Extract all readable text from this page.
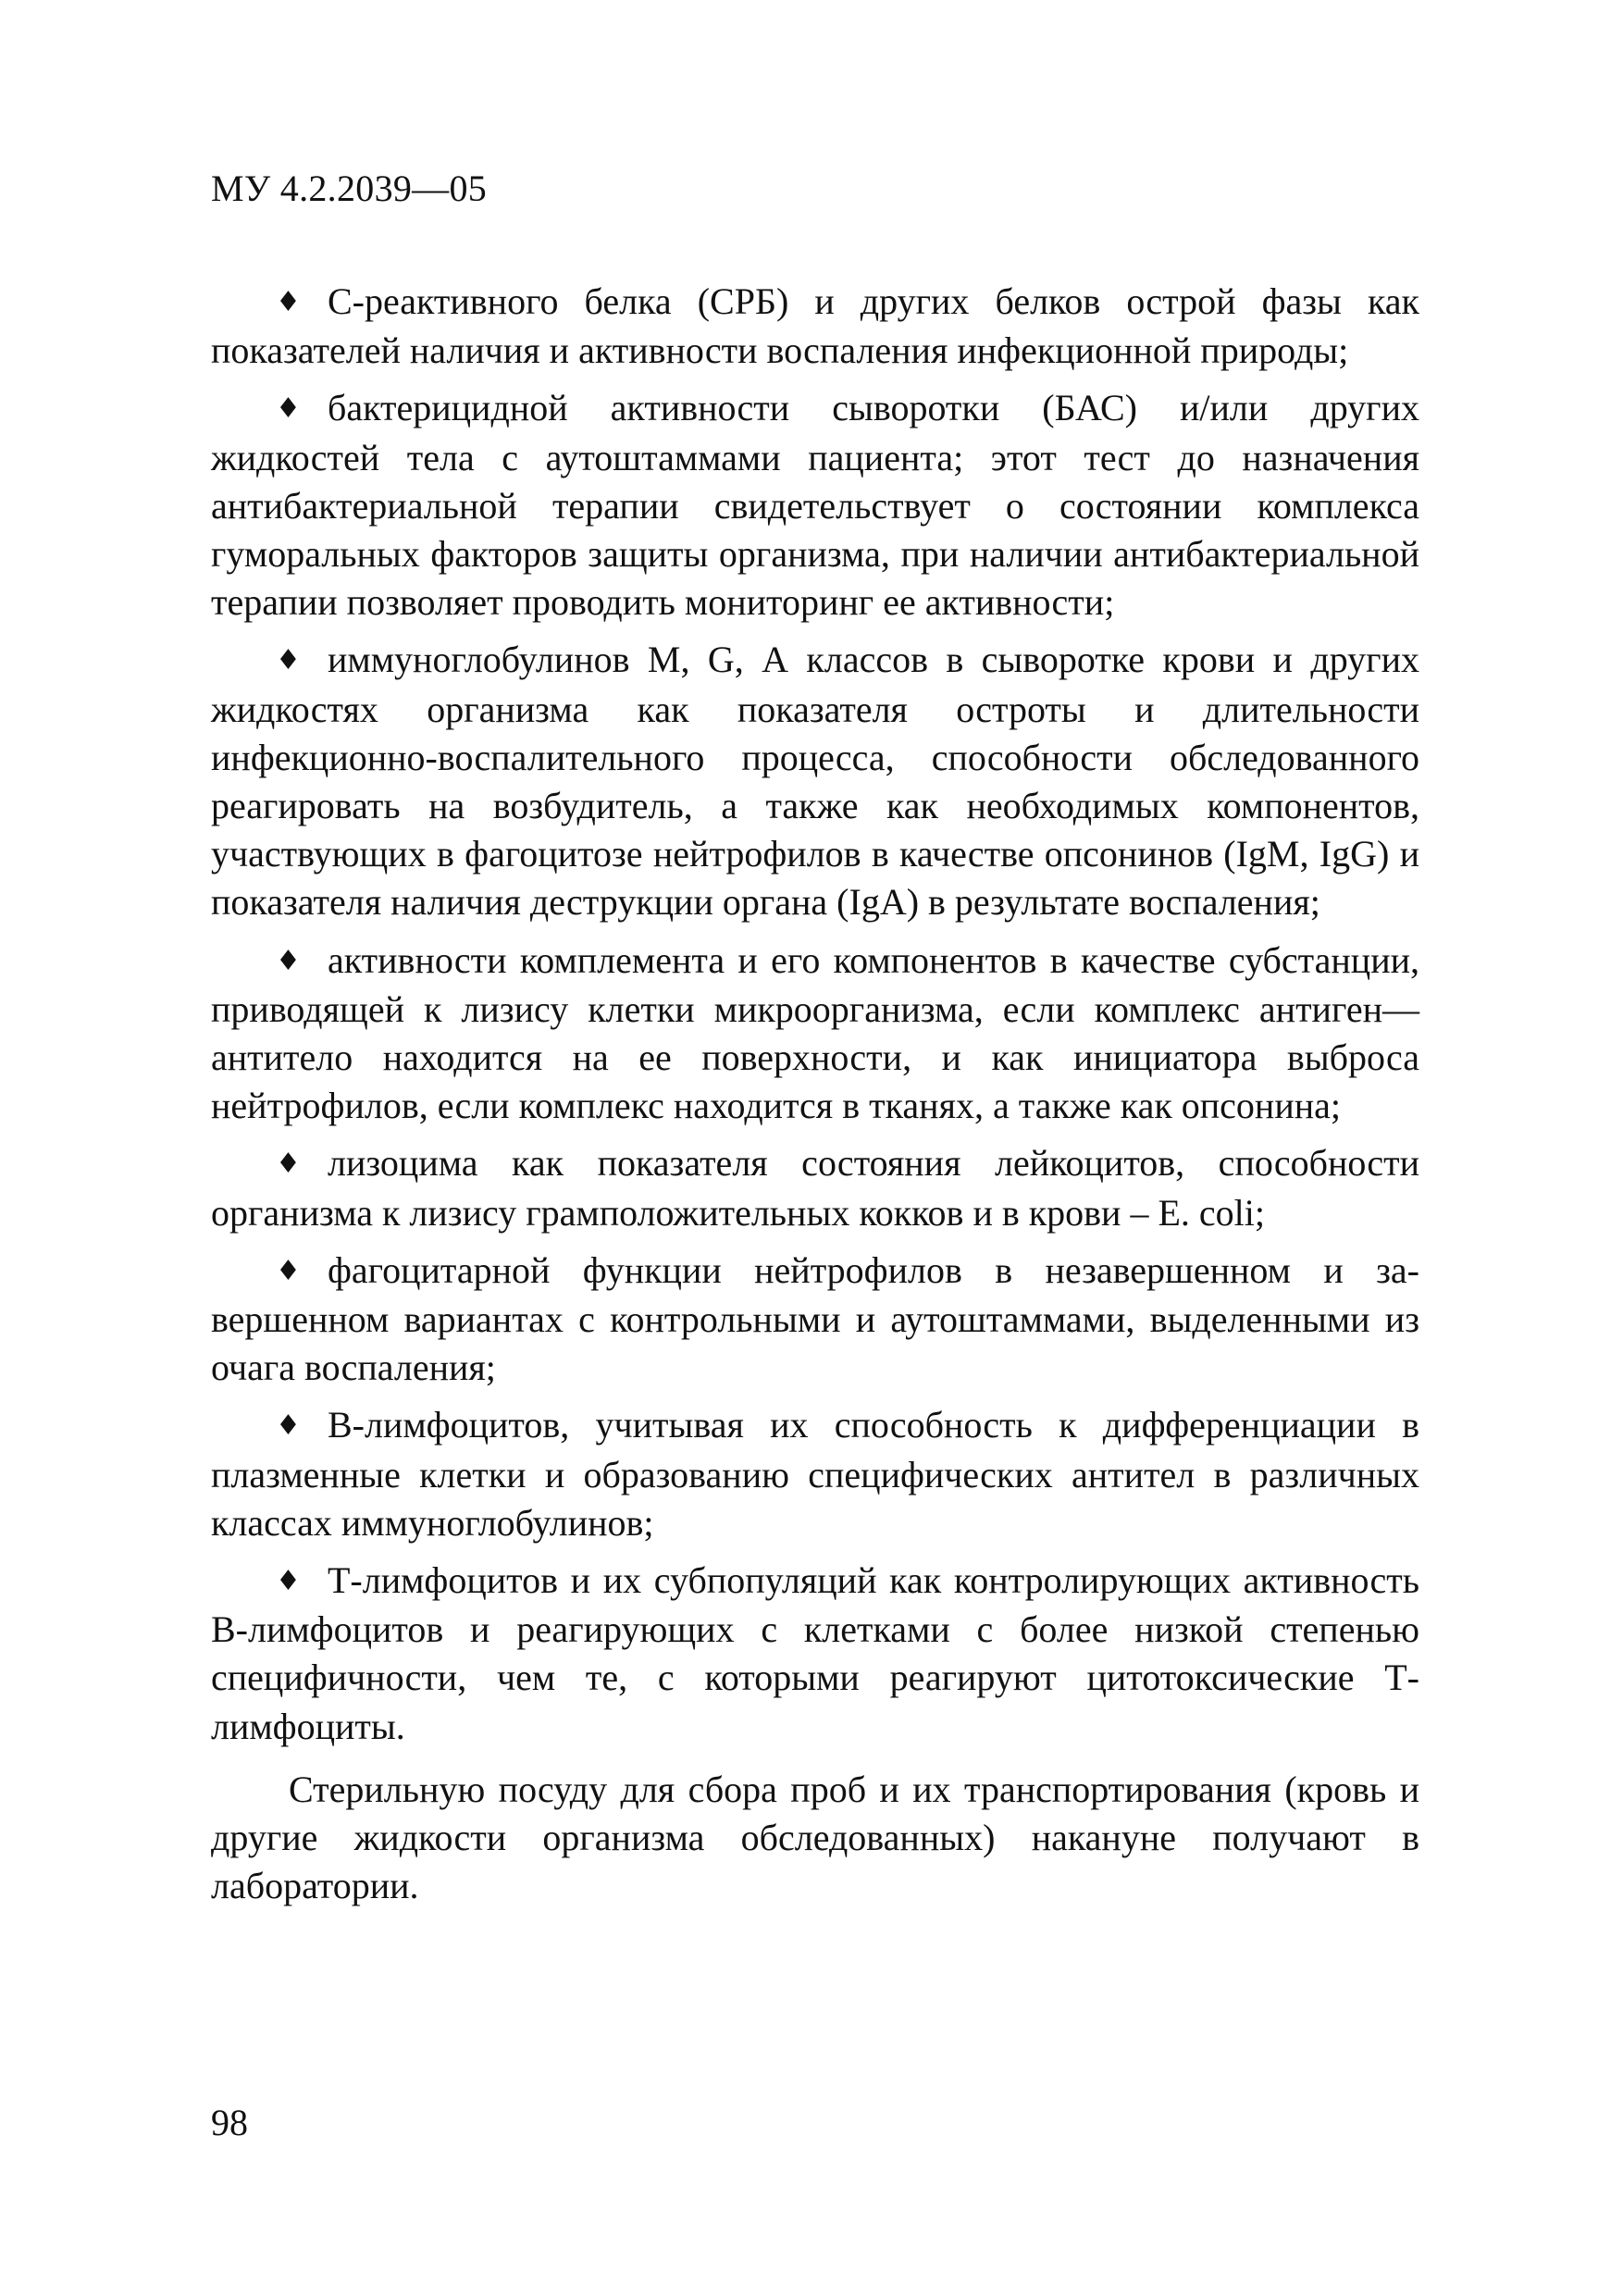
МУ 4.2.2039—05

♦ С-реактивного белка (СРБ) и других белков острой фазы как показателей наличия и активности воспаления инфекционной природы;

♦ бактерицидной активности сыворотки (БАС) и/или других жидкостей тела с аутоштаммами пациента; этот тест до назначения антибактериальной терапии свидетельствует о состоянии комплекса гуморальных факторов защиты организма, при наличии антибактериальной терапии позволяет проводить мониторинг ее активности;

♦ иммуноглобулинов М, G, А классов в сыворотке крови и других жидкостях организма как показателя остроты и длительности инфекционно-воспалительного процесса, способности обследованного реагировать на возбудитель, а также как необходимых компонентов, участвующих в фагоцитозе нейтрофилов в качестве опсонинов (IgM, IgG) и показателя наличия деструкции органа (IgA) в результате воспаления;

♦ активности комплемента и его компонентов в качестве субстанции, приводящей к лизису клетки микроорганизма, если комплекс антиген—антитело находится на ее поверхности, и как инициатора выброса нейтрофилов, если комплекс находится в тканях, а также как опсонина;

♦ лизоцима как показателя состояния лейкоцитов, способности организма к лизису грамположительных кокков и в крови – E. coli;

♦ фагоцитарной функции нейтрофилов в незавершенном и завершенном вариантах с контрольными и аутоштаммами, выделенными из очага воспаления;

♦ В-лимфоцитов, учитывая их способность к дифференциации в плазменные клетки и образованию специфических антител в различных классах иммуноглобулинов;

♦ Т-лимфоцитов и их субпопуляций как контролирующих активность В-лимфоцитов и реагирующих с клетками с более низкой степенью специфичности, чем те, с которыми реагируют цитотоксические Т-лимфоциты.

Стерильную посуду для сбора проб и их транспортирования (кровь и другие жидкости организма обследованных) накануне получают в лаборатории.

98
